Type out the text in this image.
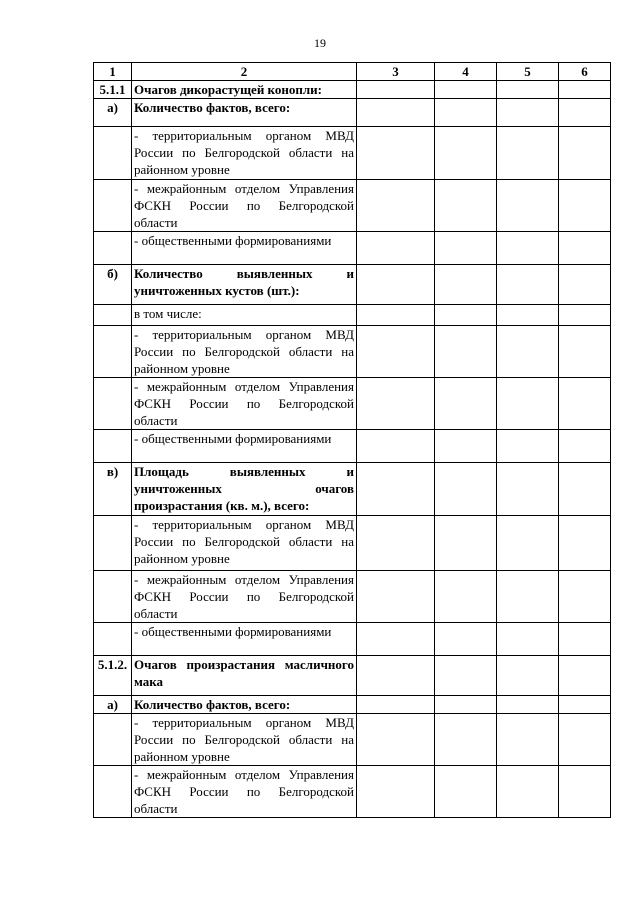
19
1	2	3	4	5	6
5.1.1	Очагов дикорастущей конопли:				
а)	Количество фактов, всего:				
	- территориальным органом МВД России по Белгородской области на районном уровне				
	- межрайонным отделом Управления ФСКН России по Белгородской области				
	- общественными формированиями				
б)	Количество выявленных и уничтоженных кустов (шт.):				
	в том числе:				
	- территориальным органом МВД России по Белгородской области на районном уровне				
	- межрайонным отделом Управления ФСКН России по Белгородской области				
	- общественными формированиями				
в)	Площадь выявленных и уничтоженных очагов произрастания (кв. м.), всего:				
	- территориальным органом МВД России по Белгородской области на районном уровне				
	- межрайонным отделом Управления ФСКН России по Белгородской области				
	- общественными формированиями				
5.1.2.	Очагов произрастания масличного мака				
а)	Количество фактов, всего:				
	- территориальным органом МВД России по Белгородской области на районном уровне				
	- межрайонным отделом Управления ФСКН России по Белгородской области				
